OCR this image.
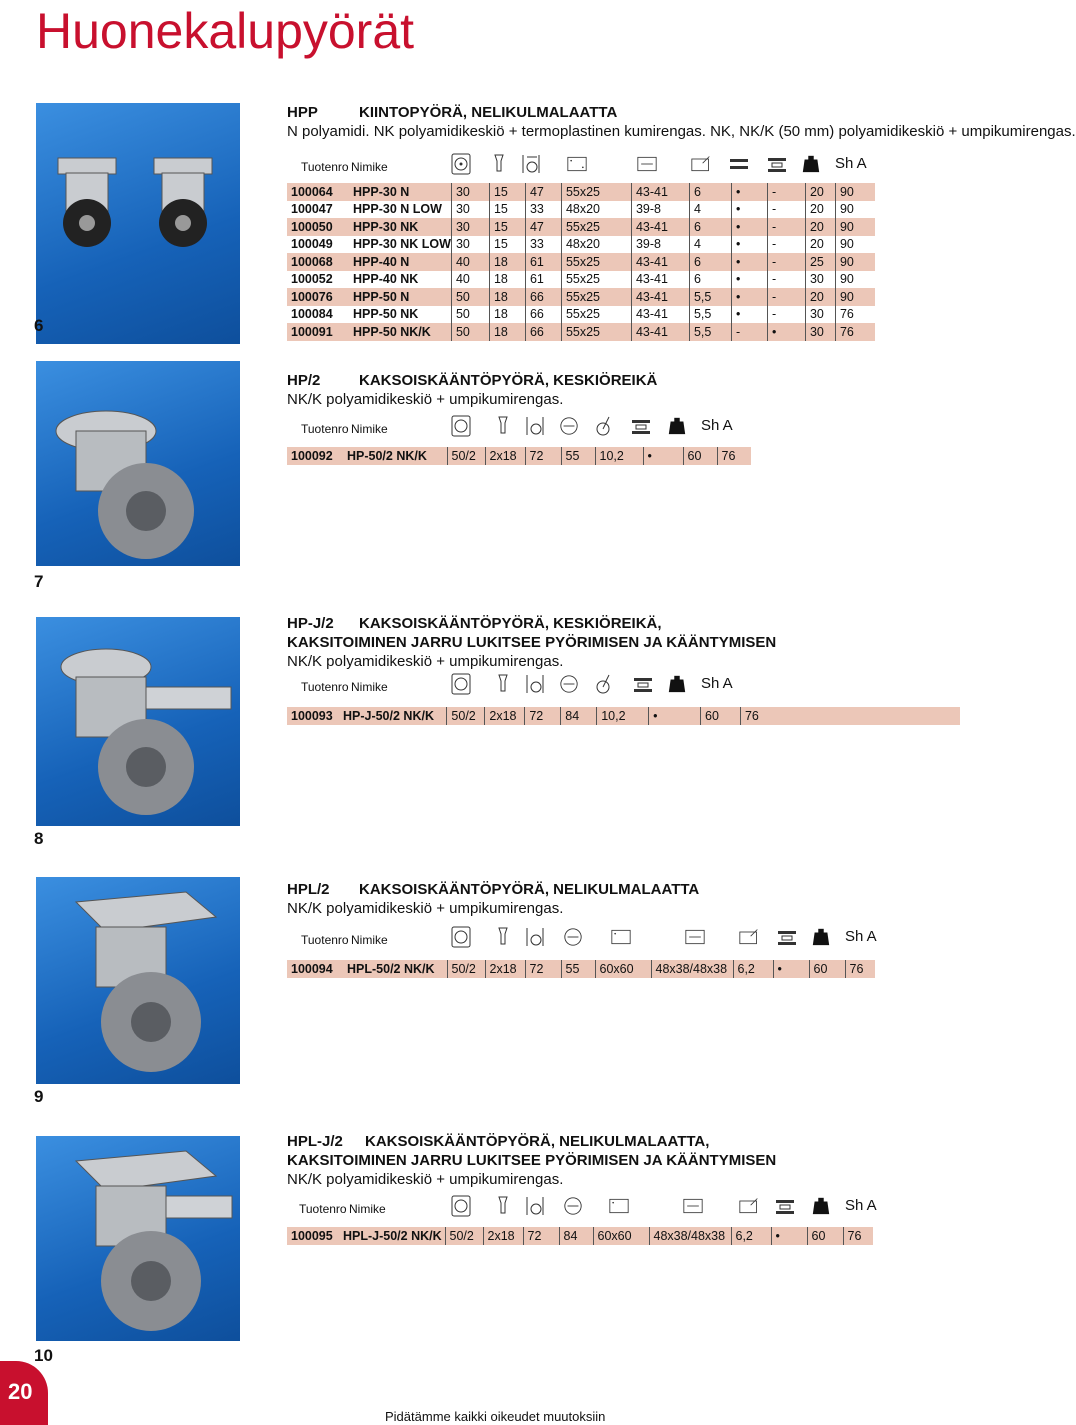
Huonekalupyörät
6
7
8
9
10
HPP	KIINTOPYÖRÄ, NELIKULMALAATTA
N polyamidi. NK polyamidikeskiö + termoplastinen kumirengas. NK, NK/K (50 mm) polyamidikeskiö + umpikumirengas.
Tuotenro Nimike	Sh A
100064	HPP-30 N	30	15	47	55x25	43-41	6	•	-	20	90
100047	HPP-30 N LOW	30	15	33	48x20	39-8	4	•	-	20	90
100050	HPP-30 NK	30	15	47	55x25	43-41	6	•	-	20	90
100049	HPP-30 NK LOW	30	15	33	48x20	39-8	4	•	-	20	90
100068	HPP-40 N	40	18	61	55x25	43-41	6	•	-	25	90
100052	HPP-40 NK	40	18	61	55x25	43-41	6	•	-	30	90
100076	HPP-50 N	50	18	66	55x25	43-41	5,5	•	-	20	90
100084	HPP-50 NK	50	18	66	55x25	43-41	5,5	•	-	30	76
100091	HPP-50 NK/K	50	18	66	55x25	43-41	5,5	-	•	30	76
HP/2	KAKSOISKÄÄNTÖPYÖRÄ, KESKIÖREIKÄ
NK/K polyamidikeskiö + umpikumirengas.
Tuotenro Nimike	Sh A
100092	HP-50/2 NK/K	50/2	2x18	72	55	10,2	•	60	76
HP-J/2 KAKSOISKÄÄNTÖPYÖRÄ, KESKIÖREIKÄ,
KAKSITOIMINEN JARRU LUKITSEE PYÖRIMISEN JA KÄÄNTYMISEN
NK/K polyamidikeskiö + umpikumirengas.
Tuotenro Nimike	Sh A
100093	HP-J-50/2 NK/K	50/2	2x18	72	84	10,2	•	60	76
HPL/2 KAKSOISKÄÄNTÖPYÖRÄ, NELIKULMALAATTA
NK/K polyamidikeskiö + umpikumirengas.
Tuotenro Nimike	Sh A
100094	HPL-50/2 NK/K	50/2	2x18	72	55	60x60	48x38/48x38	6,2	•	60	76
HPL-J/2 KAKSOISKÄÄNTÖPYÖRÄ, NELIKULMALAATTA,
KAKSITOIMINEN JARRU LUKITSEE PYÖRIMISEN JA KÄÄNTYMISEN
NK/K polyamidikeskiö + umpikumirengas.
Tuotenro Nimike	Sh A
100095	HPL-J-50/2 NK/K	50/2	2x18	72	84	60x60	48x38/48x38	6,2	•	60	76
Pidätämme kaikki oikeudet muutoksiin
20
